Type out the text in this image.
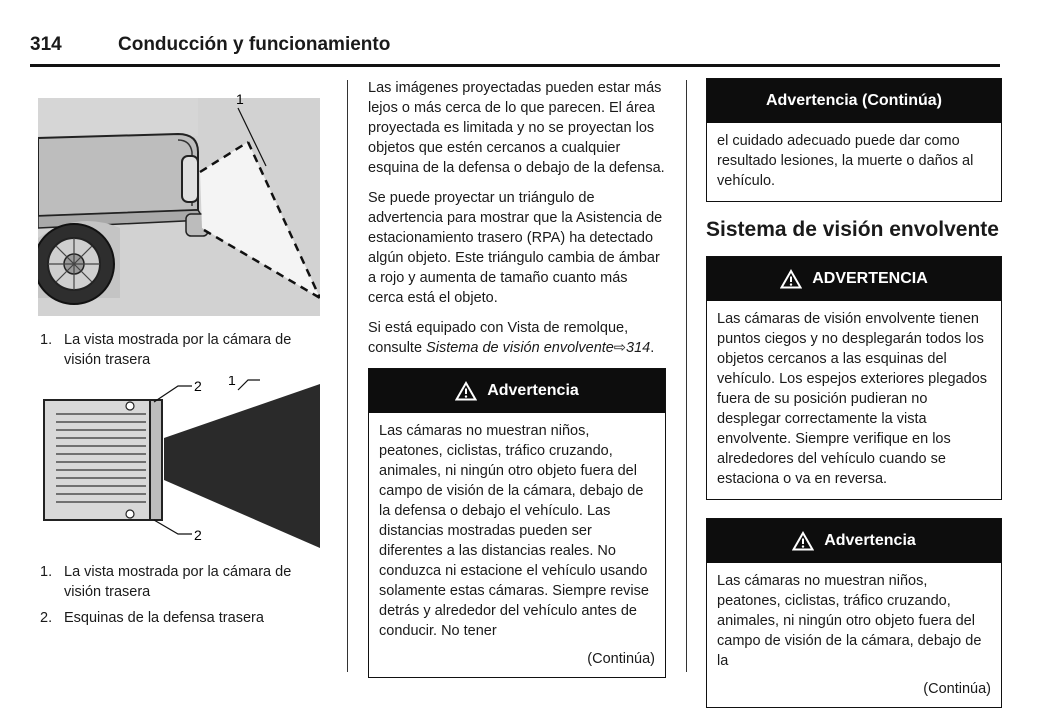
314	Conducción y funcionamiento
1
1. La vista mostrada por la cámara de visión trasera
2 1
2
1. La vista mostrada por la cámara de visión trasera
2. Esquinas de la defensa trasera

Las imágenes proyectadas pueden estar más lejos o más cerca de lo que parecen. El área proyectada es limitada y no se proyectan los objetos que estén cercanos a cualquier esquina de la defensa o debajo de la defensa.

Se puede proyectar un triángulo de advertencia para mostrar que la Asistencia de estacionamiento trasero (RPA) ha detectado algún objeto. Este triángulo cambia de ámbar a rojo y aumenta de tamaño cuanto más cerca está el objeto.

Si está equipado con Vista de remolque, consulte Sistema de visión envolvente⇨314.

Advertencia
Las cámaras no muestran niños, peatones, ciclistas, tráfico cruzando, animales, ni ningún otro objeto fuera del campo de visión de la cámara, debajo de la defensa o debajo el vehículo. Las distancias mostradas pueden ser diferentes a las distancias reales. No conduzca ni estacione el vehículo usando solamente estas cámaras. Siempre revise detrás y alrededor del vehículo antes de conducir. No tener
(Continúa)
Advertencia (Continúa)
el cuidado adecuado puede dar como resultado lesiones, la muerte o daños al vehículo.
Sistema de visión envolvente
ADVERTENCIA
Las cámaras de visión envolvente tienen puntos ciegos y no desplegarán todos los objetos cercanos a las esquinas del vehículo. Los espejos exteriores plegados fuera de su posición pudieran no desplegar correctamente la vista envolvente. Siempre verifique en los alrededores del vehículo cuando se estaciona o va en reversa.
Advertencia
Las cámaras no muestran niños, peatones, ciclistas, tráfico cruzando, animales, ni ningún otro objeto fuera del campo de visión de la cámara, debajo de la
(Continúa)
